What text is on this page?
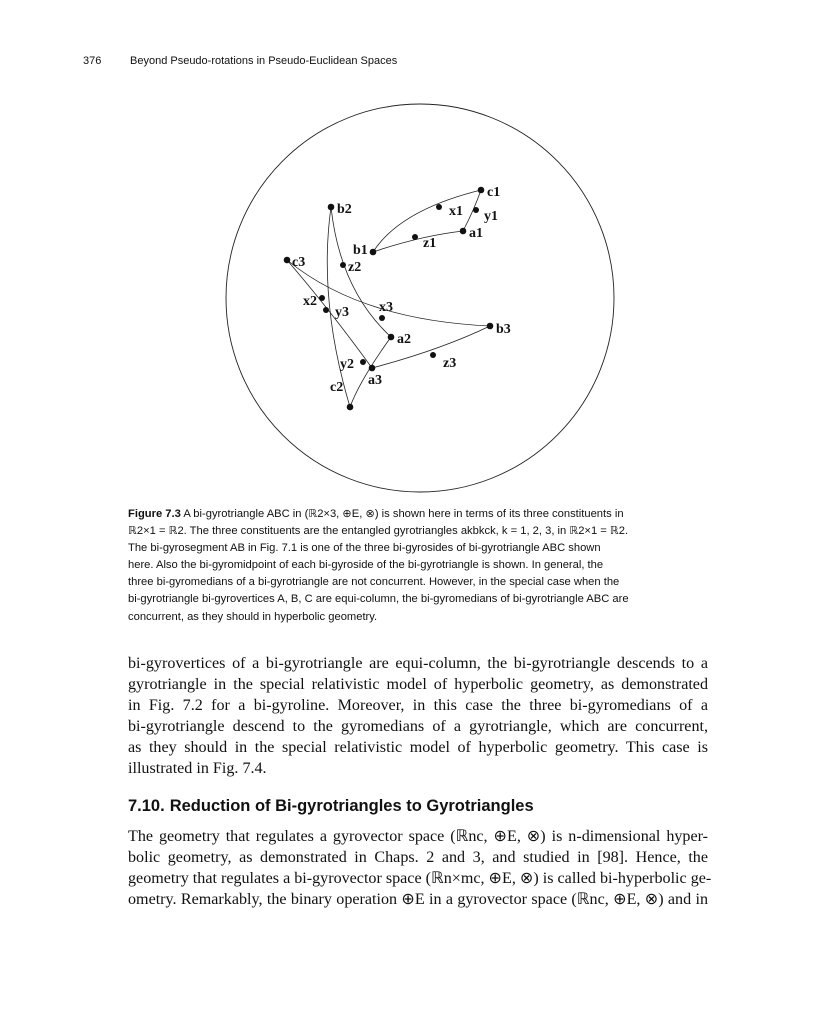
376	Beyond Pseudo-rotations in Pseudo-Euclidean Spaces
c1
x1 y1
a1
z1
b1
b2
z2
c3
x2
y3 x3
a2
b3
z3
y2
a3
c2
Figure 7.3 A bi-gyrotriangle ABC in (ℝ2×3, ⊕E, ⊗) is shown here in terms of its three constituents in
ℝ2×1 = ℝ2. The three constituents are the entangled gyrotriangles akbkck, k = 1, 2, 3, in ℝ2×1 = ℝ2.
The bi-gyrosegment AB in Fig. 7.1 is one of the three bi-gyrosides of bi-gyrotriangle ABC shown
here. Also the bi-gyromidpoint of each bi-gyroside of the bi-gyrotriangle is shown. In general, the
three bi-gyromedians of a bi-gyrotriangle are not concurrent. However, in the special case when the
bi-gyrotriangle bi-gyrovertices A, B, C are equi-column, the bi-gyromedians of bi-gyrotriangle ABC are
concurrent, as they should in hyperbolic geometry.
bi-gyrovertices of a bi-gyrotriangle are equi-column, the bi-gyrotriangle descends to a
gyrotriangle in the special relativistic model of hyperbolic geometry, as demonstrated
in Fig. 7.2 for a bi-gyroline. Moreover, in this case the three bi-gyromedians of a
bi-gyrotriangle descend to the gyromedians of a gyrotriangle, which are concurrent,
as they should in the special relativistic model of hyperbolic geometry. This case is
illustrated in Fig. 7.4.
7.10. Reduction of Bi-gyrotriangles to Gyrotriangles
The geometry that regulates a gyrovector space (ℝnc, ⊕E, ⊗) is n-dimensional hyper-
bolic geometry, as demonstrated in Chaps. 2 and 3, and studied in [98]. Hence, the
geometry that regulates a bi-gyrovector space (ℝn×mc, ⊕E, ⊗) is called bi-hyperbolic ge-
ometry. Remarkably, the binary operation ⊕E in a gyrovector space (ℝnc, ⊕E, ⊗) and in
